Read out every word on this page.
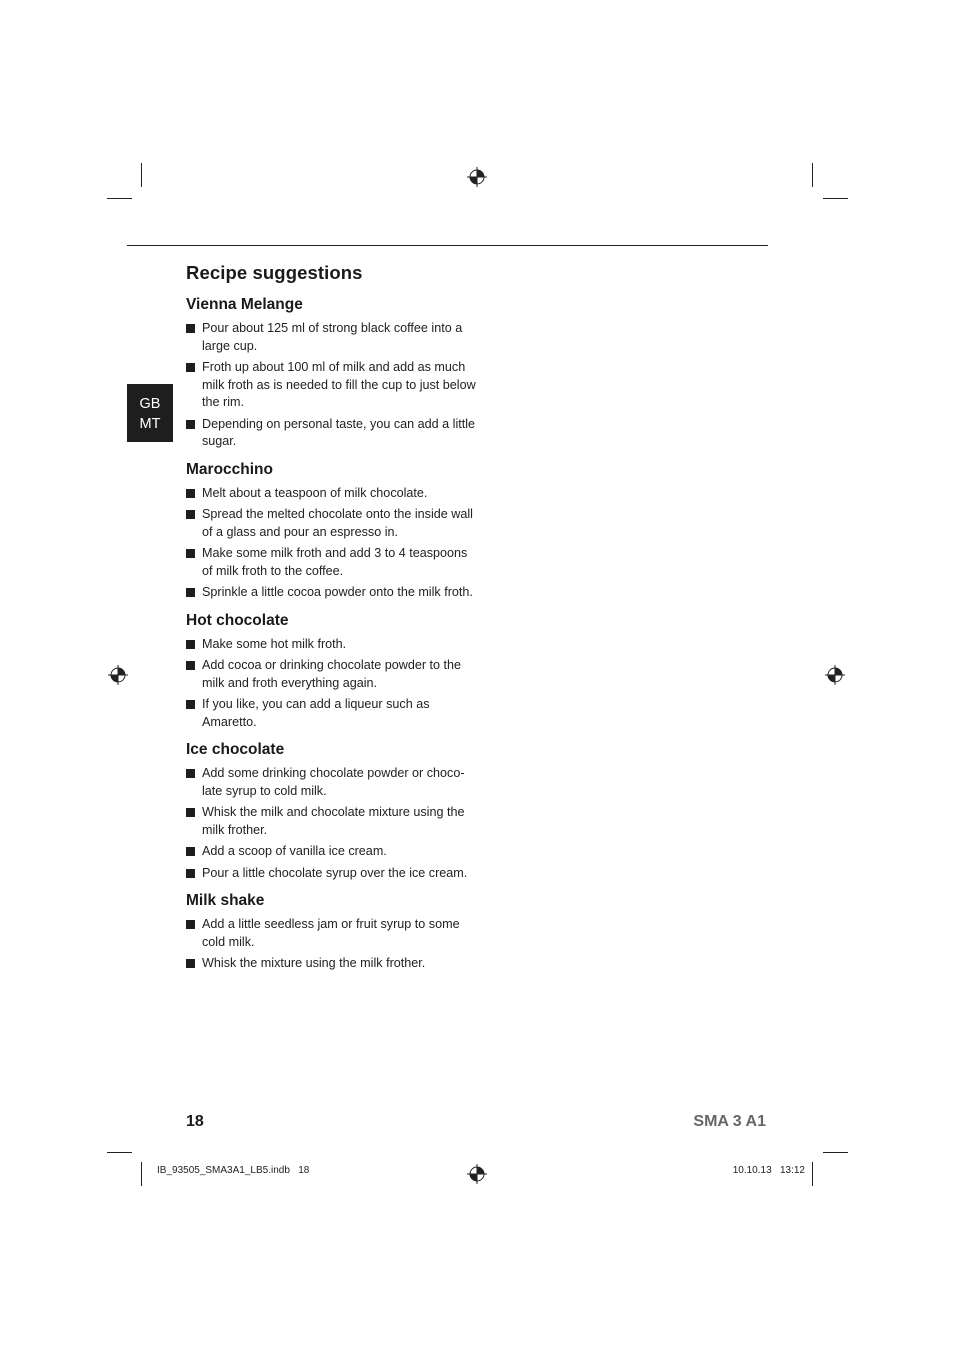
GB
MT
Recipe suggestions
Vienna Melange
Pour about 125 ml of strong black coffee into a large cup.
Froth up about 100 ml of milk and add as much milk froth as is needed to fill the cup to just below the rim.
Depending on personal taste, you can add a little sugar.
Marocchino
Melt about a teaspoon of milk chocolate.
Spread the melted chocolate onto the inside wall of a glass and pour an espresso in.
Make some milk froth and add 3 to 4 teaspoons of milk froth to the coffee.
Sprinkle a little cocoa powder onto the milk froth.
Hot chocolate
Make some hot milk froth.
Add cocoa or drinking chocolate powder to the milk and froth everything again.
If you like, you can add a liqueur such as Amaretto.
Ice chocolate
Add some drinking chocolate powder or choco-late syrup to cold milk.
Whisk the milk and chocolate mixture using the milk frother.
Add a scoop of vanilla ice cream.
Pour a little chocolate syrup over the ice cream.
Milk shake
Add a little seedless jam or fruit syrup to some cold milk.
Whisk the mixture using the milk frother.
18	SMA 3 A1
IB_93505_SMA3A1_LB5.indb   18	10.10.13   13:12
